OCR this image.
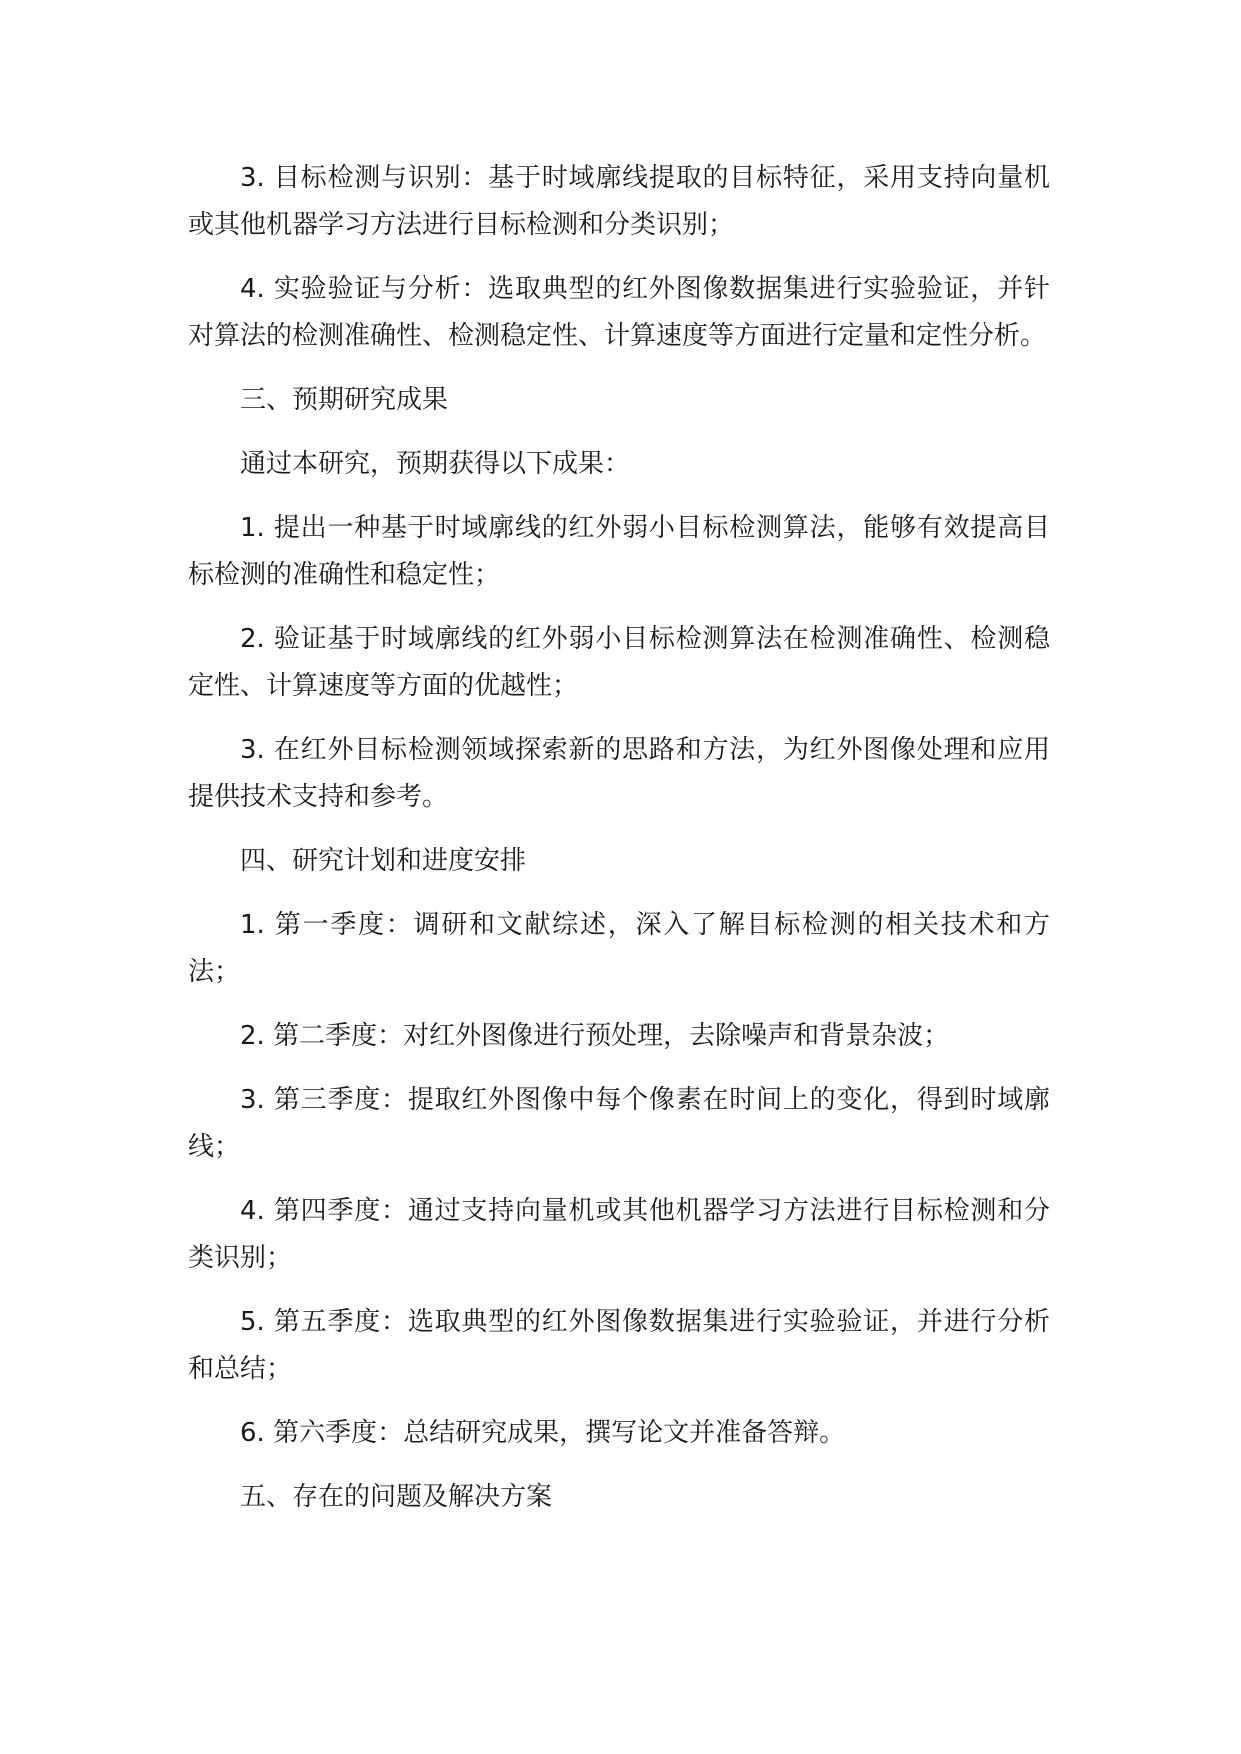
3. 目标检测与识别：基于时域廓线提取的目标特征，采用支持向量机或其他机器学习方法进行目标检测和分类识别；

4. 实验验证与分析：选取典型的红外图像数据集进行实验验证，并针对算法的检测准确性、检测稳定性、计算速度等方面进行定量和定性分析。

三、预期研究成果

通过本研究，预期获得以下成果：

1. 提出一种基于时域廓线的红外弱小目标检测算法，能够有效提高目标检测的准确性和稳定性；

2. 验证基于时域廓线的红外弱小目标检测算法在检测准确性、检测稳定性、计算速度等方面的优越性；

3. 在红外目标检测领域探索新的思路和方法，为红外图像处理和应用提供技术支持和参考。

四、研究计划和进度安排

1. 第一季度：调研和文献综述，深入了解目标检测的相关技术和方法；

2. 第二季度：对红外图像进行预处理，去除噪声和背景杂波；

3. 第三季度：提取红外图像中每个像素在时间上的变化，得到时域廓线；

4. 第四季度：通过支持向量机或其他机器学习方法进行目标检测和分类识别；

5. 第五季度：选取典型的红外图像数据集进行实验验证，并进行分析和总结；

6. 第六季度：总结研究成果，撰写论文并准备答辩。

五、存在的问题及解决方案
